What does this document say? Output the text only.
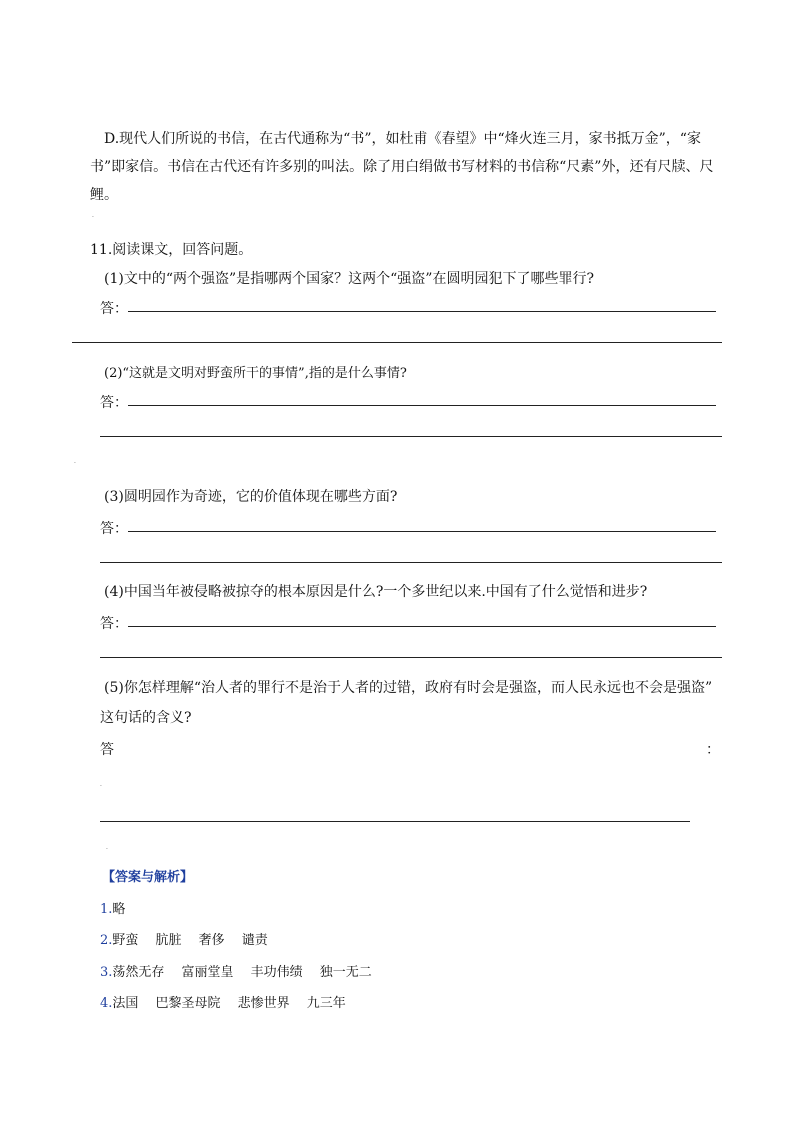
D.现代人们所说的书信，在古代通称为“书”，如杜甫《春望》中“烽火连三月，家书抵万金”，“家
书”即家信。书信在古代还有许多别的叫法。除了用白绢做书写材料的书信称“尺素”外，还有尺牍、尺
鲤。
·
11.阅读课文，回答问题。
(1)文中的“两个强盗”是指哪两个国家？这两个“强盗”在圆明园犯下了哪些罪行?
答：
(2)“这就是文明对野蛮所干的事情”,指的是什么事情?
答：
·
(3)圆明园作为奇迹，它的价值体现在哪些方面?
答：
(4)中国当年被侵略被掠夺的根本原因是什么?一个多世纪以来.中国有了什么觉悟和进步?
答：
(5)你怎样理解“治人者的罪行不是治于人者的过错，政府有时会是强盗，而人民永远也不会是强盗”
这句话的含义?
答	：
·
·
【答案与解析】
1.略
2.野蛮　 肮脏　 奢侈　 谴责
3.荡然无存　 富丽堂皇　 丰功伟绩　 独一无二
4.法国　 巴黎圣母院　 悲惨世界　 九三年
